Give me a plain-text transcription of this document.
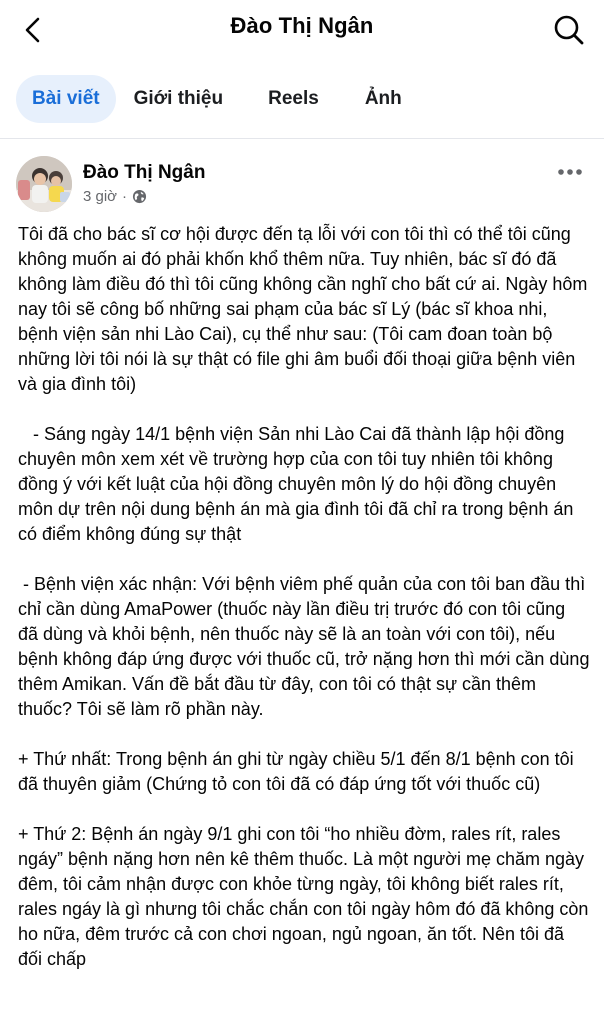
Đào Thị Ngân
Bài viết	Giới thiệu Reels Ảnh
Đào Thị Ngân
3 giờ ·

Tôi đã cho bác sĩ cơ hội được đến tạ lỗi với con tôi thì có thể tôi cũng không muốn ai đó phải khốn khổ thêm nữa. Tuy nhiên, bác sĩ đó đã không làm điều đó thì tôi cũng không cần nghĩ cho bất cứ ai. Ngày hôm nay tôi sẽ công bố những sai phạm của bác sĩ Lý (bác sĩ khoa nhi, bệnh viện sản nhi Lào Cai), cụ thể như sau: (Tôi cam đoan toàn bộ những lời tôi nói là sự thật có file ghi âm buổi đối thoại giữa bệnh viên và gia đình tôi)

- Sáng ngày 14/1 bệnh viện Sản nhi Lào Cai đã thành lập hội đồng chuyên môn xem xét về trường hợp của con tôi tuy nhiên tôi không đồng ý với kết luật của hội đồng chuyên môn lý do hội đồng chuyên môn dự trên nội dung bệnh án mà gia đình tôi đã chỉ ra trong bệnh án có điểm không đúng sự thật

- Bệnh viện xác nhận: Với bệnh viêm phế quản của con tôi ban đầu thì chỉ cần dùng AmaPower (thuốc này lần điều trị trước đó con tôi cũng đã dùng và khỏi bệnh, nên thuốc này sẽ là an toàn với con tôi), nếu bệnh không đáp ứng được với thuốc cũ, trở nặng hơn thì mới cần dùng thêm Amikan. Vấn đề bắt đầu từ đây, con tôi có thật sự cần thêm thuốc? Tôi sẽ làm rõ phần này.

+ Thứ nhất: Trong bệnh án ghi từ ngày chiều 5/1 đến 8/1 bệnh con tôi đã thuyên giảm (Chứng tỏ con tôi đã có đáp ứng tốt với thuốc cũ)

+ Thứ 2: Bệnh án ngày 9/1 ghi con tôi “ho nhiều đờm, rales rít, rales ngáy” bệnh nặng hơn nên kê thêm thuốc. Là một người mẹ chăm ngày đêm, tôi cảm nhận được con khỏe từng ngày, tôi không biết rales rít, rales ngáy là gì nhưng tôi chắc chắn con tôi ngày hôm đó đã không còn ho nữa, đêm trước cả con chơi ngoan, ngủ ngoan, ăn tốt. Nên tôi đã đối chấp
